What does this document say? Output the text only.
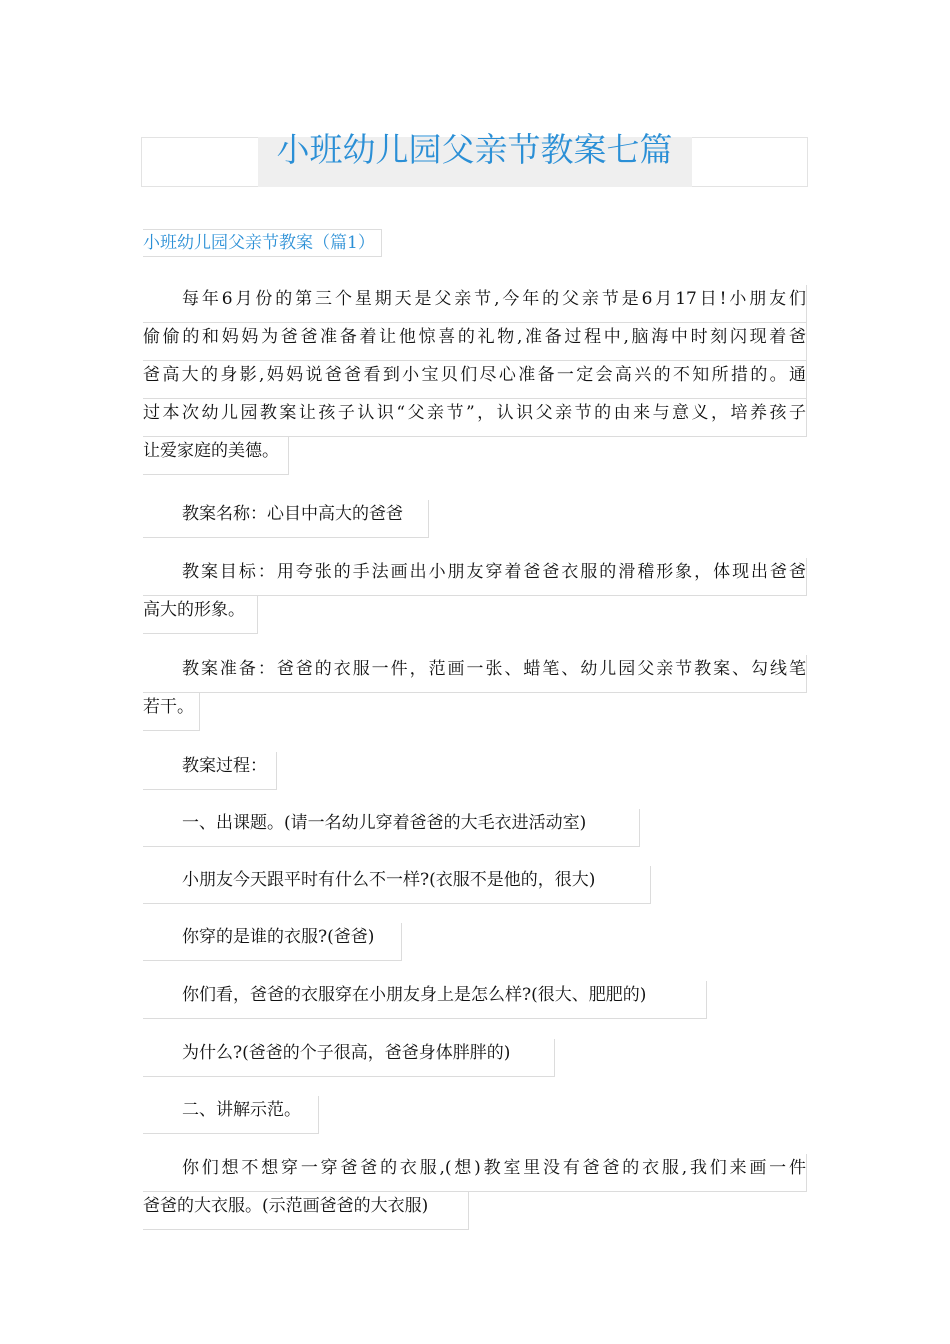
小班幼儿园父亲节教案七篇
小班幼儿园父亲节教案（篇1）
每年6月份的第三个星期天是父亲节,今年的父亲节是6月17日!小朋友们
偷偷的和妈妈为爸爸准备着让他惊喜的礼物,准备过程中,脑海中时刻闪现着爸
爸高大的身影,妈妈说爸爸看到小宝贝们尽心准备一定会高兴的不知所措的。通
过本次幼儿园教案让孩子认识“父亲节”，认识父亲节的由来与意义，培养孩子
让爱家庭的美德。
教案名称：心目中高大的爸爸
教案目标：用夸张的手法画出小朋友穿着爸爸衣服的滑稽形象，体现出爸爸
高大的形象。
教案准备：爸爸的衣服一件，范画一张、蜡笔、幼儿园父亲节教案、勾线笔
若干。
教案过程：
一、出课题。(请一名幼儿穿着爸爸的大毛衣进活动室)
小朋友今天跟平时有什么不一样?(衣服不是他的，很大)
你穿的是谁的衣服?(爸爸)
你们看，爸爸的衣服穿在小朋友身上是怎么样?(很大、肥肥的)
为什么?(爸爸的个子很高，爸爸身体胖胖的)
二、讲解示范。
你们想不想穿一穿爸爸的衣服,(想)教室里没有爸爸的衣服,我们来画一件
爸爸的大衣服。(示范画爸爸的大衣服)
